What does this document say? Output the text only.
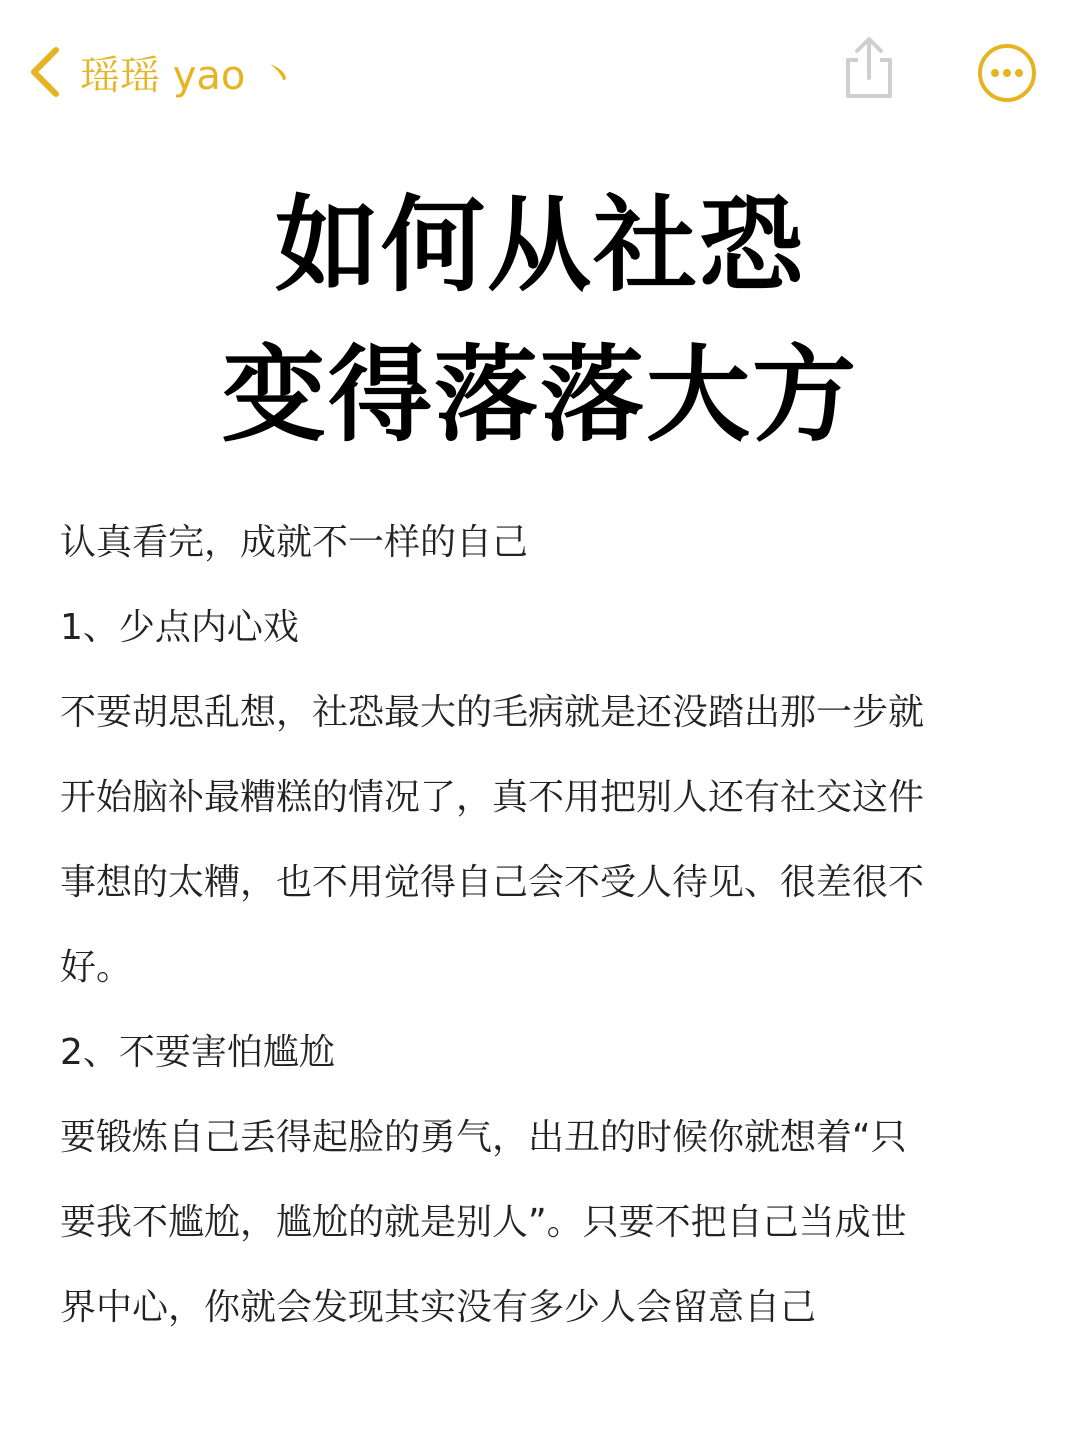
瑶瑶 yao 丶
如何从社恐
变得落落大方
认真看完，成就不一样的自己
1、少点内心戏
不要胡思乱想，社恐最大的毛病就是还没踏出那一步就
开始脑补最糟糕的情况了，真不用把别人还有社交这件
事想的太糟，也不用觉得自己会不受人待见、很差很不
好。
2、不要害怕尴尬
要锻炼自己丢得起脸的勇气，出丑的时候你就想着“只
要我不尴尬，尴尬的就是别人”。只要不把自己当成世
界中心，你就会发现其实没有多少人会留意自己
